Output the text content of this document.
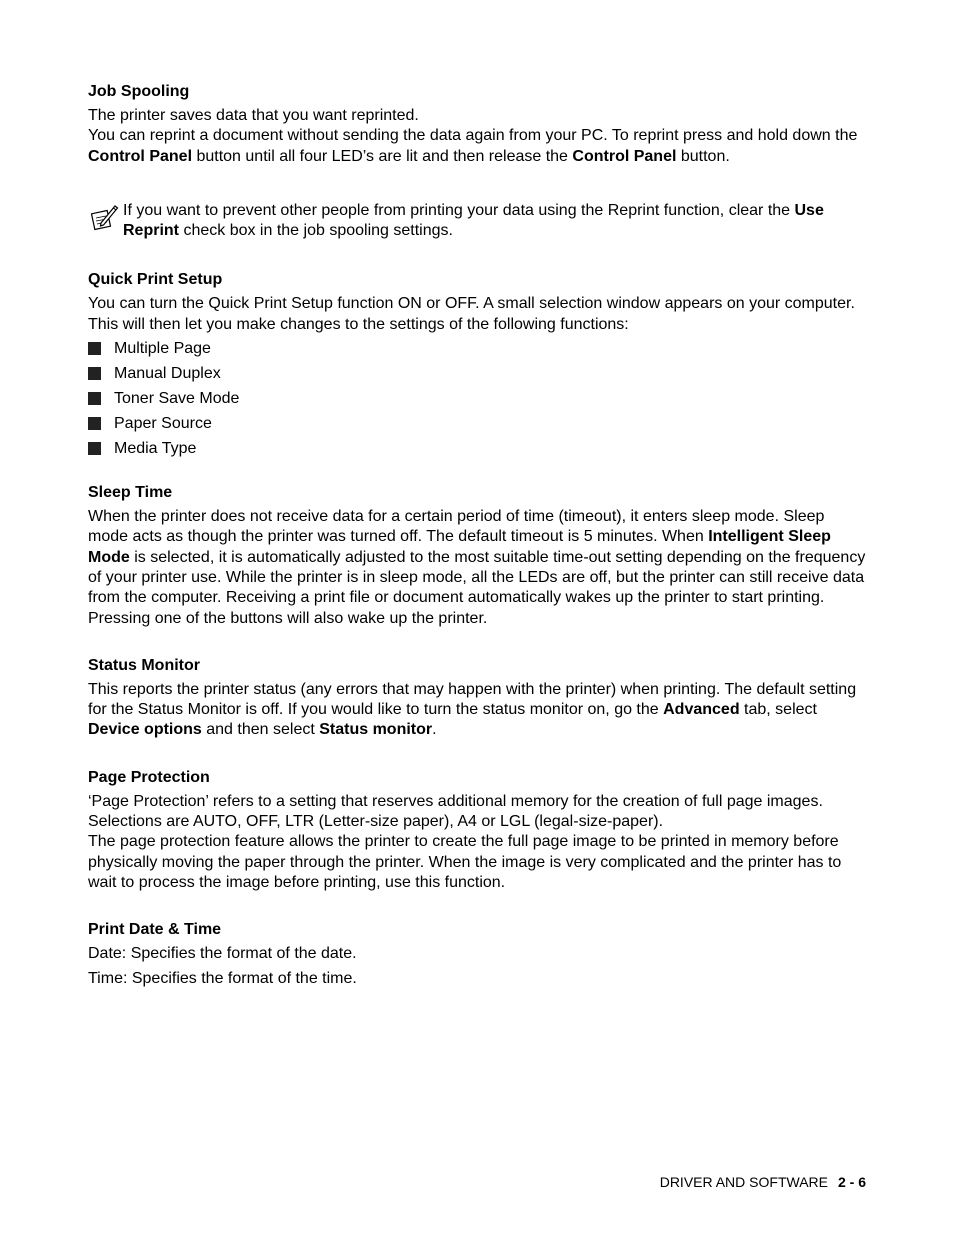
Job Spooling

The printer saves data that you want reprinted.

You can reprint a document without sending the data again from your PC. To reprint press and hold down the Control Panel button until all four LED’s are lit and then release the Control Panel button.

If you want to prevent other people from printing your data using the Reprint function, clear the Use Reprint check box in the job spooling settings.

Quick Print Setup

You can turn the Quick Print Setup function ON or OFF. A small selection window appears on your computer. This will then let you make changes to the settings of the following functions:

Multiple Page
Manual Duplex
Toner Save Mode
Paper Source
Media Type
Sleep Time

When the printer does not receive data for a certain period of time (timeout), it enters sleep mode. Sleep mode acts as though the printer was turned off. The default timeout is 5 minutes. When Intelligent Sleep Mode is selected, it is automatically adjusted to the most suitable time-out setting depending on the frequency of your printer use. While the printer is in sleep mode, all the LEDs are off, but the printer can still receive data from the computer. Receiving a print file or document automatically wakes up the printer to start printing. Pressing one of the buttons will also wake up the printer.

Status Monitor

This reports the printer status (any errors that may happen with the printer) when printing. The default setting for the Status Monitor is off. If you would like to turn the status monitor on, go the Advanced tab, select Device options and then select Status monitor.

Page Protection

‘Page Protection’ refers to a setting that reserves additional memory for the creation of full page images. Selections are AUTO, OFF, LTR (Letter-size paper), A4 or LGL (legal-size-paper).

The page protection feature allows the printer to create the full page image to be printed in memory before physically moving the paper through the printer. When the image is very complicated and the printer has to wait to process the image before printing, use this function.

Print Date & Time

Date: Specifies the format of the date.

Time: Specifies the format of the time.

DRIVER AND SOFTWARE 2 - 6
